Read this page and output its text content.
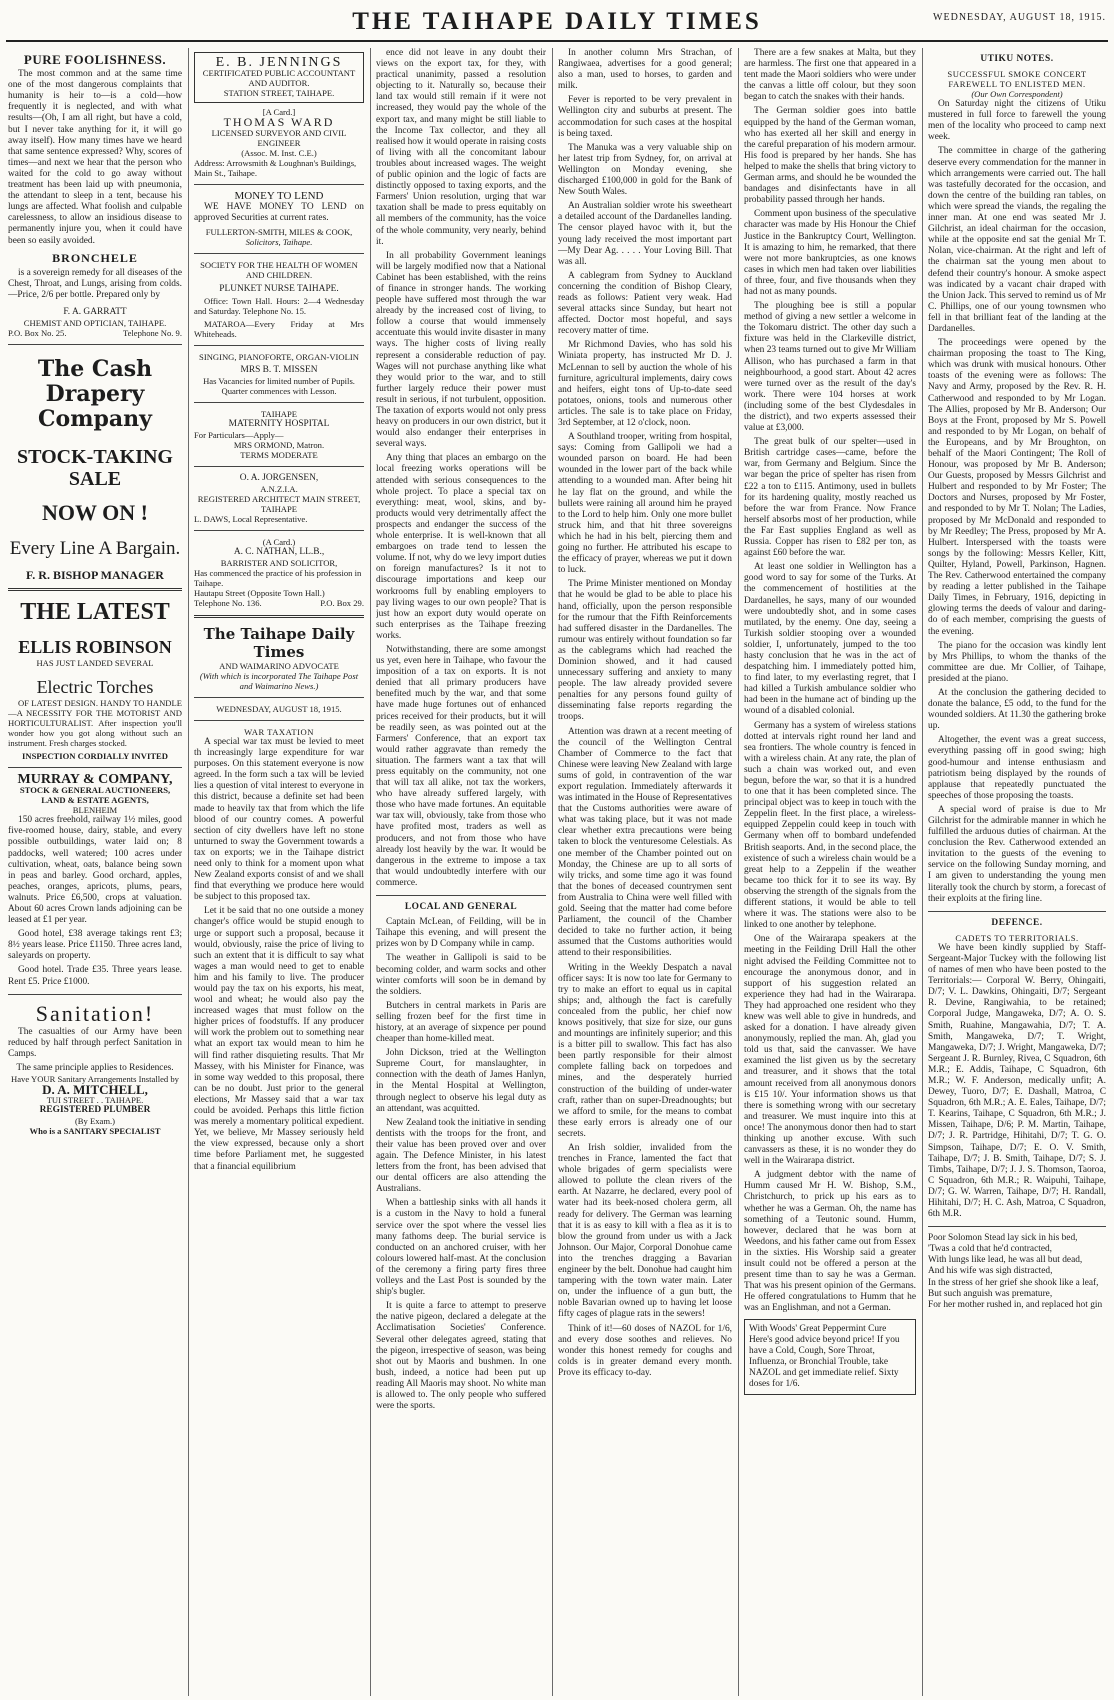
THE TAIHAPE DAILY TIMES	WEDNESDAY, AUGUST 18, 1915.
PURE FOOLISHNESS.

The most common and at the same time one of the most dangerous complaints that humanity is heir to—is a cold—how frequently it is neglected, and with what results—(Oh, I am all right, but have a cold, but I never take anything for it, it will go away itself). How many times have we heard that same sentence expressed? Why, scores of times—and next we hear that the person who waited for the cold to go away without treatment has been laid up with pneumonia, the attendant to sleep in a tent, because his lungs are affected. What foolish and culpable carelessness, to allow an insidious disease to permanently injure you, when it could have been so easily avoided.

BRONCHELE

is a sovereign remedy for all diseases of the Chest, Throat, and Lungs, arising from colds.—Price, 2/6 per bottle. Prepared only by

F. A. GARRATT
CHEMIST AND OPTICIAN, TAIHAPE.
P.O. Box No. 25.	Telephone No. 9.
The Cash Drapery Company
STOCK-TAKING SALE
NOW ON !
Every Line A Bargain.
F. R. BISHOP MANAGER
THE LATEST
ELLIS ROBINSON
HAS JUST LANDED SEVERAL
Electric Torches

OF LATEST DESIGN. HANDY TO HANDLE—A NECESSITY FOR THE MOTORIST AND HORTICULTURALIST. After inspection you'll wonder how you got along without such an instrument. Fresh charges stocked.

INSPECTION CORDIALLY INVITED
MURRAY & COMPANY,
STOCK & GENERAL AUCTIONEERS, LAND & ESTATE AGENTS,
BLENHEIM

150 acres freehold, railway 1½ miles, good five-roomed house, dairy, stable, and every possible outbuildings, water laid on; 8 paddocks, well watered; 100 acres under cultivation, wheat, oats, balance being sown in peas and barley. Good orchard, apples, peaches, oranges, apricots, plums, pears, walnuts. Price £6,500, crops at valuation. About 60 acres Crown lands adjoining can be leased at £1 per year.

Good hotel, £38 average takings rent £3; 8½ years lease. Price £1150. Three acres land, saleyards on property.

Good hotel. Trade £35. Three years lease. Rent £5. Price £1000.

Sanitation!

The casualties of our Army have been reduced by half through perfect Sanitation in Camps.

The same principle applies to Residences.
Have YOUR Sanitary Arrangements Installed by
D. A. MITCHELL,
TUI STREET . . TAIHAPE.
REGISTERED PLUMBER
(By Exam.)
Who is a SANITARY SPECIALIST
E. B. JENNINGS
CERTIFICATED PUBLIC ACCOUNTANT AND AUDITOR.
STATION STREET, TAIHAPE.
[A Card.]
THOMAS WARD
LICENSED SURVEYOR AND CIVIL ENGINEER
(Assoc. M. Inst. C.E.)
Address: Arrowsmith & Loughnan's Buildings, Main St., Taihape.
MONEY TO LEND

WE HAVE MONEY TO LEND on approved Securities at current rates.

FULLERTON-SMITH, MILES & COOK,
Solicitors, Taihape.
SOCIETY FOR THE HEALTH OF WOMEN AND CHILDREN.
PLUNKET NURSE TAIHAPE.

Office: Town Hall. Hours: 2—4 Wednesday and Saturday. Telephone No. 15.

MATAROA—Every Friday at Mrs Whiteheads.

SINGING, PIANOFORTE, ORGAN-VIOLIN
MRS B. T. MISSEN
Has Vacancies for limited number of Pupils.
Quarter commences with Lesson.
TAIHAPE
MATERNITY HOSPITAL
For Particulars—Apply—
MRS ORMOND, Matron.
TERMS MODERATE
O. A. JORGENSEN,
A.N.Z.I.A.
REGISTERED ARCHITECT MAIN STREET, TAIHAPE
L. DAWS, Local Representative.
(A Card.)
A. C. NATHAN, LL.B.,
BARRISTER AND SOLICITOR,
Has commenced the practice of his profession in Taihape.
Hautapu Street (Opposite Town Hall.)
Telephone No. 136.	P.O. Box 29.
The Taihape Daily Times
AND WAIMARINO ADVOCATE
(With which is incorporated The Taihape Post and Waimarino News.)
WEDNESDAY, AUGUST 18, 1915.
WAR TAXATION

A special war tax must be levied to meet th increasingly large expenditure for war purposes. On this statement everyone is now agreed. In the form such a tax will be levied lies a question of vital interest to everyone in this district, because a definite set had been made to heavily tax that from which the life blood of our country comes. A powerful section of city dwellers have left no stone unturned to sway the Government towards a tax on exports; we in the Taihape district need only to think for a moment upon what New Zealand exports consist of and we shall find that everything we produce here would be subject to this proposed tax.

Let it be said that no one outside a money changer's office would be stupid enough to urge or support such a proposal, because it would, obviously, raise the price of living to such an extent that it is difficult to say what wages a man would need to get to enable him and his family to live. The producer would pay the tax on his exports, his meat, wool and wheat; he would also pay the increased wages that must follow on the higher prices of foodstuffs. If any producer will work the problem out to something near what an export tax would mean to him he will find rather disquieting results. That Mr Massey, with his Minister for Finance, was in some way wedded to this proposal, there can be no doubt. Just prior to the general elections, Mr Massey said that a war tax could be avoided. Perhaps this little fiction was merely a momentary political expedient. Yet, we believe, Mr Massey seriously held the view expressed, because only a short time before Parliament met, he suggested that a financial equilibrium

ence did not leave in any doubt their views on the export tax, for they, with practical unanimity, passed a resolution objecting to it. Naturally so, because their land tax would still remain if it were not increased, they would pay the whole of the export tax, and many might be still liable to the Income Tax collector, and they all realised how it would operate in raising costs of living with all the concomitant labour troubles about increased wages. The weight of public opinion and the logic of facts are distinctly opposed to taxing exports, and the Farmers' Union resolution, urging that war taxation shall be made to press equitably on all members of the community, has the voice of the whole community, very nearly, behind it.

In all probability Government leanings will be largely modified now that a National Cabinet has been established, with the reins of finance in stronger hands. The working people have suffered most through the war already by the increased cost of living, to follow a course that would immensely accentuate this would invite disaster in many ways. The higher costs of living really represent a considerable reduction of pay. Wages will not purchase anything like what they would prior to the war, and to still further largely reduce their power must result in serious, if not turbulent, opposition. The taxation of exports would not only press heavy on producers in our own district, but it would also endanger their enterprises in several ways.

Any thing that places an embargo on the local freezing works operations will be attended with serious consequences to the whole project. To place a special tax on everything: meat, wool, skins, and by-products would very detrimentally affect the prospects and endanger the success of the whole enterprise. It is well-known that all embargoes on trade tend to lessen the volume. If not, why do we levy import duties on foreign manufactures? Is it not to discourage importations and keep our workrooms full by enabling employers to pay living wages to our own people? That is just how an export duty would operate on such enterprises as the Taihape freezing works.

Notwithstanding, there are some amongst us yet, even here in Taihape, who favour the imposition of a tax on exports. It is not denied that all primary producers have benefited much by the war, and that some have made huge fortunes out of enhanced prices received for their products, but it will be readily seen, as was pointed out at the Farmers' Conference, that an export tax would rather aggravate than remedy the situation. The farmers want a tax that will press equitably on the community, not one that will tax all alike, not tax the workers, who have already suffered largely, with those who have made fortunes. An equitable war tax will, obviously, take from those who have profited most, traders as well as producers, and not from those who have already lost heavily by the war. It would be dangerous in the extreme to impose a tax that would undoubtedly interfere with our commerce.

LOCAL AND GENERAL

Captain McLean, of Feilding, will be in Taihape this evening, and will present the prizes won by D Company while in camp.

The weather in Gallipoli is said to be becoming colder, and warm socks and other winter comforts will soon be in demand by the soldiers.

Butchers in central markets in Paris are selling frozen beef for the first time in history, at an average of sixpence per pound cheaper than home-killed meat.

John Dickson, tried at the Wellington Supreme Court, for manslaughter, in connection with the death of James Hanlyn, in the Mental Hospital at Wellington, through neglect to observe his legal duty as an attendant, was acquitted.

New Zealand took the initiative in sending dentists with the troops for the front, and their value has been proved over and over again. The Defence Minister, in his latest letters from the front, has been advised that our dental officers are also attending the Australians.

When a battleship sinks with all hands it is a custom in the Navy to hold a funeral service over the spot where the vessel lies many fathoms deep. The burial service is conducted on an anchored cruiser, with her colours lowered half-mast. At the conclusion of the ceremony a firing party fires three volleys and the Last Post is sounded by the ship's bugler.

It is quite a farce to attempt to preserve the native pigeon, declared a delegate at the Acclimatisation Societies' Conference. Several other delegates agreed, stating that the pigeon, irrespective of season, was being shot out by Maoris and bushmen. In one bush, indeed, a notice had been put up reading All Maoris may shoot. No white man is allowed to. The only people who suffered were the sports.

In another column Mrs Strachan, of Rangiwaea, advertises for a good general; also a man, used to horses, to garden and milk.

Fever is reported to be very prevalent in Wellington city and suburbs at present. The accommodation for such cases at the hospital is being taxed.

The Manuka was a very valuable ship on her latest trip from Sydney, for, on arrival at Wellington on Monday evening, she discharged £100,000 in gold for the Bank of New South Wales.

An Australian soldier wrote his sweetheart a detailed account of the Dardanelles landing. The censor played havoc with it, but the young lady received the most important part—My Dear Ag. . . . . Your Loving Bill. That was all.

A cablegram from Sydney to Auckland concerning the condition of Bishop Cleary, reads as follows: Patient very weak. Had several attacks since Sunday, but heart not affected. Doctor most hopeful, and says recovery matter of time.

Mr Richmond Davies, who has sold his Winiata property, has instructed Mr D. J. McLennan to sell by auction the whole of his furniture, agricultural implements, dairy cows and heifers, eight tons of Up-to-date seed potatoes, onions, tools and numerous other articles. The sale is to take place on Friday, 3rd September, at 12 o'clock, noon.

A Southland trooper, writing from hospital, says: Coming from Gallipoli we had a wounded parson on board. He had been wounded in the lower part of the back while attending to a wounded man. After being hit he lay flat on the ground, and while the bullets were raining all around him he prayed to the Lord to help him. Only one more bullet struck him, and that hit three sovereigns which he had in his belt, piercing them and going no further. He attributed his escape to the efficacy of prayer, whereas we put it down to luck.

The Prime Minister mentioned on Monday that he would be glad to be able to place his hand, officially, upon the person responsible for the rumour that the Fifth Reinforcements had suffered disaster in the Dardanelles. The rumour was entirely without foundation so far as the cablegrams which had reached the Dominion showed, and it had caused unnecessary suffering and anxiety to many people. The law already provided severe penalties for any persons found guilty of disseminating false reports regarding the troops.

Attention was drawn at a recent meeting of the council of the Wellington Central Chamber of Commerce to the fact that Chinese were leaving New Zealand with large sums of gold, in contravention of the war export regulation. Immediately afterwards it was intimated in the House of Representatives that the Customs authorities were aware of what was taking place, but it was not made clear whether extra precautions were being taken to block the venturesome Celestials. As one member of the Chamber pointed out on Monday, the Chinese are up to all sorts of wily tricks, and some time ago it was found that the bones of deceased countrymen sent from Australia to China were well filled with gold. Seeing that the matter had come before Parliament, the council of the Chamber decided to take no further action, it being assumed that the Customs authorities would attend to their responsibilities.

Writing in the Weekly Despatch a naval officer says: It is now too late for Germany to try to make an effort to equal us in capital ships; and, although the fact is carefully concealed from the public, her chief now knows positively, that size for size, our guns and mountings are infinitely superior; and this is a bitter pill to swallow. This fact has also been partly responsible for their almost complete falling back on torpedoes and mines, and the desperately hurried construction of the building of under-water craft, rather than on super-Dreadnoughts; but we afford to smile, for the means to combat these early errors is already one of our secrets.

An Irish soldier, invalided from the trenches in France, lamented the fact that whole brigades of germ specialists were allowed to pollute the clean rivers of the earth. At Nazarre, he declared, every pool of water had its beek-nosed cholera germ, all ready for delivery. The German was learning that it is as easy to kill with a flea as it is to blow the ground from under us with a Jack Johnson. Our Major, Corporal Donohue came into the trenches dragging a Bavarian engineer by the belt. Donohue had caught him tampering with the town water main. Later on, under the influence of a gun butt, the noble Bavarian owned up to having let loose fifty cages of plague rats in the sewers!

Think of it!—60 doses of NAZOL for 1/6, and every dose soothes and relieves. No wonder this honest remedy for coughs and colds is in greater demand every month. Prove its efficacy to-day.

There are a few snakes at Malta, but they are harmless. The first one that appeared in a tent made the Maori soldiers who were under the canvas a little off colour, but they soon began to catch the snakes with their hands.

The German soldier goes into battle equipped by the hand of the German woman, who has exerted all her skill and energy in the careful preparation of his modern armour. His food is prepared by her hands. She has helped to make the shells that bring victory to German arms, and should he be wounded the bandages and disinfectants have in all probability passed through her hands.

Comment upon business of the speculative character was made by His Honour the Chief Justice in the Bankruptcy Court, Wellington. It is amazing to him, he remarked, that there were not more bankruptcies, as one knows cases in which men had taken over liabilities of three, four, and five thousands when they had not as many pounds.

The ploughing bee is still a popular method of giving a new settler a welcome in the Tokomaru district. The other day such a fixture was held in the Clarkeville district, when 23 teams turned out to give Mr William Allison, who has purchased a farm in that neighbourhood, a good start. About 42 acres were turned over as the result of the day's work. There were 104 horses at work (including some of the best Clydesdales in the district), and two experts assessed their value at £3,000.

The great bulk of our spelter—used in British cartridge cases—came, before the war, from Germany and Belgium. Since the war began the price of spelter has risen from £22 a ton to £115. Antimony, used in bullets for its hardening quality, mostly reached us before the war from France. Now France herself absorbs most of her production, while the Far East supplies England as well as Russia. Copper has risen to £82 per ton, as against £60 before the war.

At least one soldier in Wellington has a good word to say for some of the Turks. At the commencement of hostilities at the Dardanelles, he says, many of our wounded were undoubtedly shot, and in some cases mutilated, by the enemy. One day, seeing a Turkish soldier stooping over a wounded soldier, I, unfortunately, jumped to the too hasty conclusion that he was in the act of despatching him. I immediately potted him, to find later, to my everlasting regret, that I had killed a Turkish ambulance soldier who had been in the humane act of binding up the wound of a disabled colonial.

Germany has a system of wireless stations dotted at intervals right round her land and sea frontiers. The whole country is fenced in with a wireless chain. At any rate, the plan of such a chain was worked out, and even begun, before the war, so that it is a hundred to one that it has been completed since. The principal object was to keep in touch with the Zeppelin fleet. In the first place, a wireless-equipped Zeppelin could keep in touch with Germany when off to bombard undefended British seaports. And, in the second place, the existence of such a wireless chain would be a great help to a Zeppelin if the weather became too thick for it to see its way. By observing the strength of the signals from the different stations, it would be able to tell where it was. The stations were also to be linked to one another by telephone.

One of the Wairarapa speakers at the meeting in the Feilding Drill Hall the other night advised the Feilding Committee not to encourage the anonymous donor, and in support of his suggestion related an experience they had had in the Wairarapa. They had approached one resident who they knew was well able to give in hundreds, and asked for a donation. I have already given anonymously, replied the man. Ah, glad you told us that, said the canvasser. We have examined the list given us by the secretary and treasurer, and it shows that the total amount received from all anonymous donors is £15 10/. Your information shows us that there is something wrong with our secretary and treasurer. We must inquire into this at once! The anonymous donor then had to start thinking up another excuse. With such canvassers as these, it is no wonder they do well in the Wairarapa district.

A judgment debtor with the name of Humm caused Mr H. W. Bishop, S.M., Christchurch, to prick up his ears as to whether he was a German. Oh, the name has something of a Teutonic sound. Humm, however, declared that he was born at Weedons, and his father came out from Essex in the sixties. His Worship said a greater insult could not be offered a person at the present time than to say he was a German. That was his present opinion of the Germans. He offered congratulations to Humm that he was an Englishman, and not a German.

With Woods' Great Peppermint Cure Here's good advice beyond price! If you have a Cold, Cough, Sore Throat, Influenza, or Bronchial Trouble, take NAZOL and get immediate relief. Sixty doses for 1/6.
UTIKU NOTES.
SUCCESSFUL SMOKE CONCERT
FAREWELL TO ENLISTED MEN.
(Our Own Correspondent)

On Saturday night the citizens of Utiku mustered in full force to farewell the young men of the locality who proceed to camp next week.

The committee in charge of the gathering deserve every commendation for the manner in which arrangements were carried out. The hall was tastefully decorated for the occasion, and down the centre of the building ran tables, on which were spread the viands, the regaling the inner man. At one end was seated Mr J. Gilchrist, an ideal chairman for the occasion, while at the opposite end sat the genial Mr T. Nolan, vice-chairman. At the right and left of the chairman sat the young men about to defend their country's honour. A smoke aspect was indicated by a vacant chair draped with the Union Jack. This served to remind us of Mr C. Phillips, one of our young townsmen who fell in that brilliant feat of the landing at the Dardanelles.

The proceedings were opened by the chairman proposing the toast to The King, which was drunk with musical honours. Other toasts of the evening were as follows: The Navy and Army, proposed by the Rev. R. H. Catherwood and responded to by Mr Logan. The Allies, proposed by Mr B. Anderson; Our Boys at the Front, proposed by Mr S. Powell and responded to by Mr Logan, on behalf of the Europeans, and by Mr Broughton, on behalf of the Maori Contingent; The Roll of Honour, was proposed by Mr B. Anderson; Our Guests, proposed by Messrs Gilchrist and Hulbert and responded to by Mr Foster; The Doctors and Nurses, proposed by Mr Foster, and responded to by Mr T. Nolan; The Ladies, proposed by Mr McDonald and responded to by Mr Reedley; The Press, proposed by Mr A. Hulbert. Interspersed with the toasts were songs by the following: Messrs Keller, Kitt, Quilter, Hyland, Powell, Parkinson, Hagnen. The Rev. Catherwood entertained the company by reading a letter published in the Taihape Daily Times, in February, 1916, depicting in glowing terms the deeds of valour and daring-do of each member, comprising the guests of the evening.

The piano for the occasion was kindly lent by Mrs Phillips, to whom the thanks of the committee are due. Mr Collier, of Taihape, presided at the piano.

At the conclusion the gathering decided to donate the balance, £5 odd, to the fund for the wounded soldiers. At 11.30 the gathering broke up.

Altogether, the event was a great success, everything passing off in good swing; high good-humour and intense enthusiasm and patriotism being displayed by the rounds of applause that repeatedly punctuated the speeches of those proposing the toasts.

A special word of praise is due to Mr Gilchrist for the admirable manner in which he fulfilled the arduous duties of chairman. At the conclusion the Rev. Catherwood extended an invitation to the guests of the evening to service on the following Sunday morning, and I am given to understanding the young men literally took the church by storm, a forecast of their exploits at the firing line.

DEFENCE.
CADETS TO TERRITORIALS.

We have been kindly supplied by Staff-Sergeant-Major Tuckey with the following list of names of men who have been posted to the Territorials:— Corporal W. Berry, Ohingaiti, D/7; V. L. Dawkins, Ohingaiti, D/7; Sergeant R. Devine, Rangiwahia, to be retained; Corporal Judge, Mangaweka, D/7; A. O. S. Smith, Ruahine, Mangawahia, D/7; T. A. Smith, Mangaweka, D/7; T. Wright, Mangaweka, D/7; J. Wright, Mangaweka, D/7; Sergeant J. R. Burnley, Rivea, C Squadron, 6th M.R.; E. Addis, Taihape, C Squadron, 6th M.R.; W. F. Anderson, medically unfit; A. Dewey, Tuoro, D/7; E. Dashall, Matroa, C Squadron, 6th M.R.; A. E. Eales, Taihape, D/7; T. Kearins, Taihape, C Squadron, 6th M.R.; J. Missen, Taihape, D/6; P. M. Martin, Taihape, D/7; J. R. Partridge, Hihitahi, D/7; T. G. O. Simpson, Taihape, D/7; E. O. V. Smith, Taihape, D/7; J. B. Smith, Taihape, D/7; S. J. Timbs, Taihape, D/7; J. J. S. Thomson, Taoroa, C Squadron, 6th M.R.; R. Waipuhi, Taihape, D/7; G. W. Warren, Taihape, D/7; H. Randall, Hihitahi, D/7; H. C. Ash, Matroa, C Squadron, 6th M.R.

Poor Solomon Stead lay sick in his bed,
'Twas a cold that he'd contracted,
With lungs like lead, he was all but dead,
And his wife was sigh distracted,
In the stress of her grief she shook like a leaf,
But such anguish was premature,
For her mother rushed in, and replaced hot gin
